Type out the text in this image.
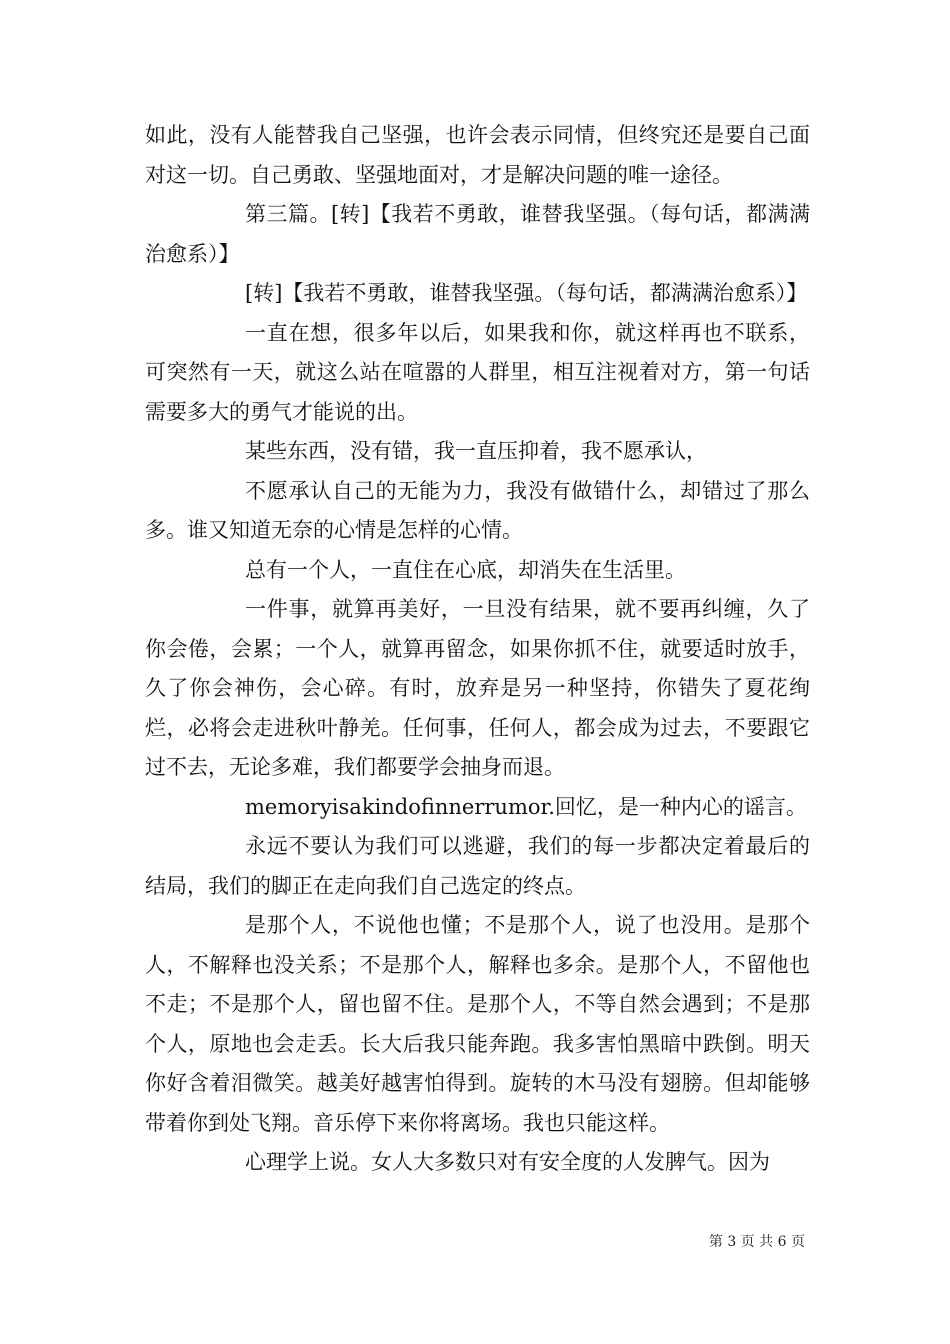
如此，没有人能替我自己坚强，也许会表示同情，但终究还是要自己面对这一切。自己勇敢、坚强地面对，才是解决问题的唯一途径。

第三篇。[转]【我若不勇敢，谁替我坚强。（每句话，都满满治愈系）】

[转]【我若不勇敢，谁替我坚强。（每句话，都满满治愈系）】

一直在想，很多年以后，如果我和你，就这样再也不联系，可突然有一天，就这么站在喧嚣的人群里，相互注视着对方，第一句话需要多大的勇气才能说的出。

某些东西，没有错，我一直压抑着，我不愿承认，

不愿承认自己的无能为力，我没有做错什么，却错过了那么多。谁又知道无奈的心情是怎样的心情。

总有一个人，一直住在心底，却消失在生活里。

一件事，就算再美好，一旦没有结果，就不要再纠缠，久了你会倦，会累；一个人，就算再留念，如果你抓不住，就要适时放手，久了你会神伤，会心碎。有时，放弃是另一种坚持，你错失了夏花绚烂，必将会走进秋叶静羌。任何事，任何人，都会成为过去，不要跟它过不去，无论多难，我们都要学会抽身而退。

memoryisakindofinnerrumor.回忆，是一种内心的谣言。

永远不要认为我们可以逃避，我们的每一步都决定着最后的结局，我们的脚正在走向我们自己选定的终点。

是那个人，不说他也懂；不是那个人，说了也没用。是那个人，不解释也没关系；不是那个人，解释也多余。是那个人，不留他也不走；不是那个人，留也留不住。是那个人，不等自然会遇到；不是那个人，原地也会走丢。长大后我只能奔跑。我多害怕黑暗中跌倒。明天你好含着泪微笑。越美好越害怕得到。旋转的木马没有翅膀。但却能够带着你到处飞翔。音乐停下来你将离场。我也只能这样。

心理学上说。女人大多数只对有安全度的人发脾气。因为

第 3 页 共 6 页
